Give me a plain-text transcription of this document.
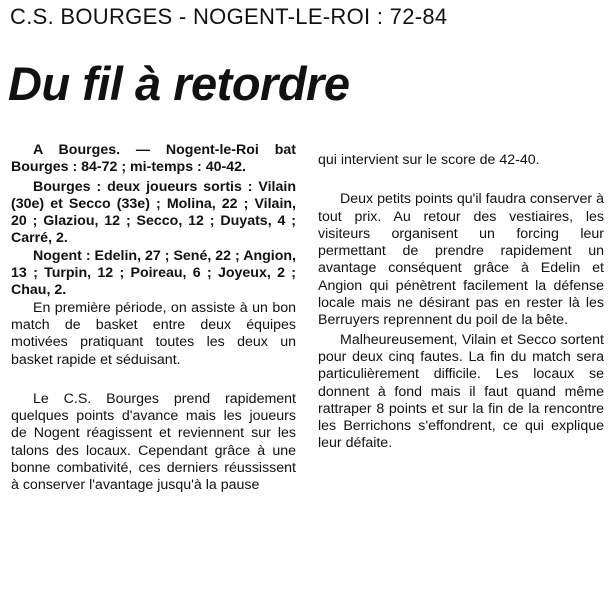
C.S. BOURGES - NOGENT-LE-ROI : 72-84
Du fil à retordre

A Bourges. — Nogent-le-Roi bat Bourges : 84-72 ; mi-temps : 40-42.

Bourges : deux joueurs sortis : Vilain (30e) et Secco (33e) ; Molina, 22 ; Vilain, 20 ; Glaziou, 12 ; Secco, 12 ; Duyats, 4 ; Carré, 2.

Nogent : Edelin, 27 ; Sené, 22 ; Angion, 13 ; Turpin, 12 ; Poireau, 6 ; Joyeux, 2 ; Chau, 2.

En première période, on assiste à un bon match de basket entre deux équipes motivées pratiquant toutes les deux un basket rapide et séduisant.

Le C.S. Bourges prend rapidement quelques points d'avance mais les joueurs de Nogent réagissent et reviennent sur les talons des locaux. Cependant grâce à une bonne combativité, ces derniers réussissent à conserver l'avantage jusqu'à la pause

qui intervient sur le score de 42-40.

Deux petits points qu'il faudra conserver à tout prix. Au retour des vestiaires, les visiteurs organisent un forcing leur permettant de prendre rapidement un avantage conséquent grâce à Edelin et Angion qui pénètrent facilement la défense locale mais ne désirant pas en rester là les Berruyers reprennent du poil de la bête.

Malheureusement, Vilain et Secco sortent pour deux cinq fautes. La fin du match sera particulièrement difficile. Les locaux se donnent à fond mais il faut quand même rattraper 8 points et sur la fin de la rencontre les Berrichons s'effondrent, ce qui explique leur défaite.
